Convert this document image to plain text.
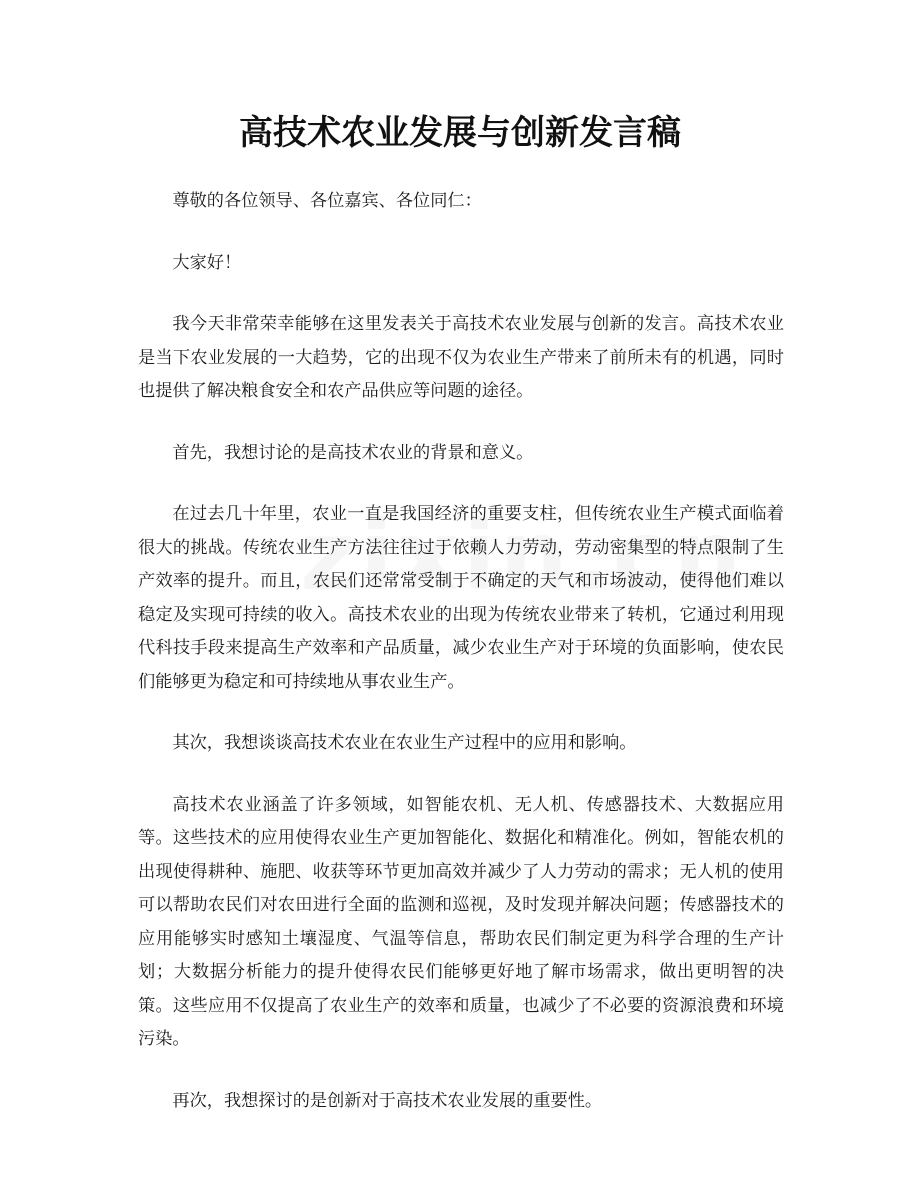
高技术农业发展与创新发言稿

尊敬的各位领导、各位嘉宾、各位同仁：

大家好！

我今天非常荣幸能够在这里发表关于高技术农业发展与创新的发言。高技术农业是当下农业发展的一大趋势，它的出现不仅为农业生产带来了前所未有的机遇，同时也提供了解决粮食安全和农产品供应等问题的途径。

首先，我想讨论的是高技术农业的背景和意义。

在过去几十年里，农业一直是我国经济的重要支柱，但传统农业生产模式面临着很大的挑战。传统农业生产方法往往过于依赖人力劳动，劳动密集型的特点限制了生产效率的提升。而且，农民们还常常受制于不确定的天气和市场波动，使得他们难以稳定及实现可持续的收入。高技术农业的出现为传统农业带来了转机，它通过利用现代科技手段来提高生产效率和产品质量，减少农业生产对于环境的负面影响，使农民们能够更为稳定和可持续地从事农业生产。

其次，我想谈谈高技术农业在农业生产过程中的应用和影响。

高技术农业涵盖了许多领域，如智能农机、无人机、传感器技术、大数据应用等。这些技术的应用使得农业生产更加智能化、数据化和精准化。例如，智能农机的出现使得耕种、施肥、收获等环节更加高效并减少了人力劳动的需求；无人机的使用可以帮助农民们对农田进行全面的监测和巡视，及时发现并解决问题；传感器技术的应用能够实时感知土壤湿度、气温等信息，帮助农民们制定更为科学合理的生产计划；大数据分析能力的提升使得农民们能够更好地了解市场需求，做出更明智的决策。这些应用不仅提高了农业生产的效率和质量，也减少了不必要的资源浪费和环境污染。

再次，我想探讨的是创新对于高技术农业发展的重要性。
